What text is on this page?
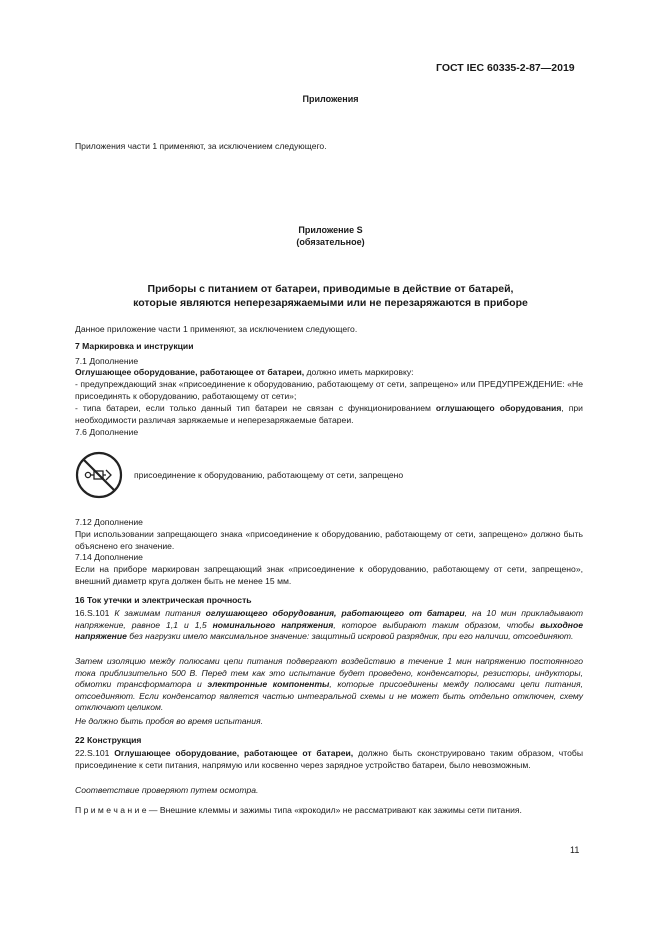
ГОСТ IEC 60335-2-87—2019
Приложения
Приложения части 1 применяют, за исключением следующего.
Приложение S
(обязательное)
Приборы с питанием от батареи, приводимые в действие от батарей,
которые являются неперезаряжаемыми или не перезаряжаются в приборе
Данное приложение части 1 применяют, за исключением следующего.
7 Маркировка и инструкции
7.1 Дополнение
Оглушающее оборудование, работающее от батареи, должно иметь маркировку:
- предупреждающий знак «присоединение к оборудованию, работающему от сети, запрещено» или ПРЕДУПРЕЖДЕНИЕ: «Не присоединять к оборудованию, работающему от сети»;
- типа батареи, если только данный тип батареи не связан с функционированием оглушающего оборудования, при необходимости различая заряжаемые и неперезаряжаемые батареи.
7.6 Дополнение
присоединение к оборудованию, работающему от сети, запрещено
7.12 Дополнение
При использовании запрещающего знака «присоединение к оборудованию, работающему от сети, запрещено» должно быть объяснено его значение.
7.14 Дополнение
Если на приборе маркирован запрещающий знак «присоединение к оборудованию, работающему от сети, запрещено», внешний диаметр круга должен быть не менее 15 мм.
16 Ток утечки и электрическая прочность
16.S.101 К зажимам питания оглушающего оборудования, работающего от батареи, на 10 мин прикладывают напряжение, равное 1,1 и 1,5 номинального напряжения, которое выбирают таким образом, чтобы выходное напряжение без нагрузки имело максимальное значение: защитный искровой разрядник, при его наличии, отсоединяют.
Затем изоляцию между полюсами цепи питания подвергают воздействию в течение 1 мин напряжению постоянного тока приблизительно 500 В. Перед тем как это испытание будет проведено, конденсаторы, резисторы, индукторы, обмотки трансформатора и электронные компоненты, которые присоединены между полюсами цепи питания, отсоединяют. Если конденсатор является частью интегральной схемы и не может быть отдельно отключен, схему отключают целиком.
Не должно быть пробоя во время испытания.
22 Конструкция
22.S.101 Оглушающее оборудование, работающее от батареи, должно быть сконструировано таким образом, чтобы присоединение к сети питания, напрямую или косвенно через зарядное устройство батареи, было невозможным.
Соответствие проверяют путем осмотра.
П р и м е ч а н и е — Внешние клеммы и зажимы типа «крокодил» не рассматривают как зажимы сети питания.
11
